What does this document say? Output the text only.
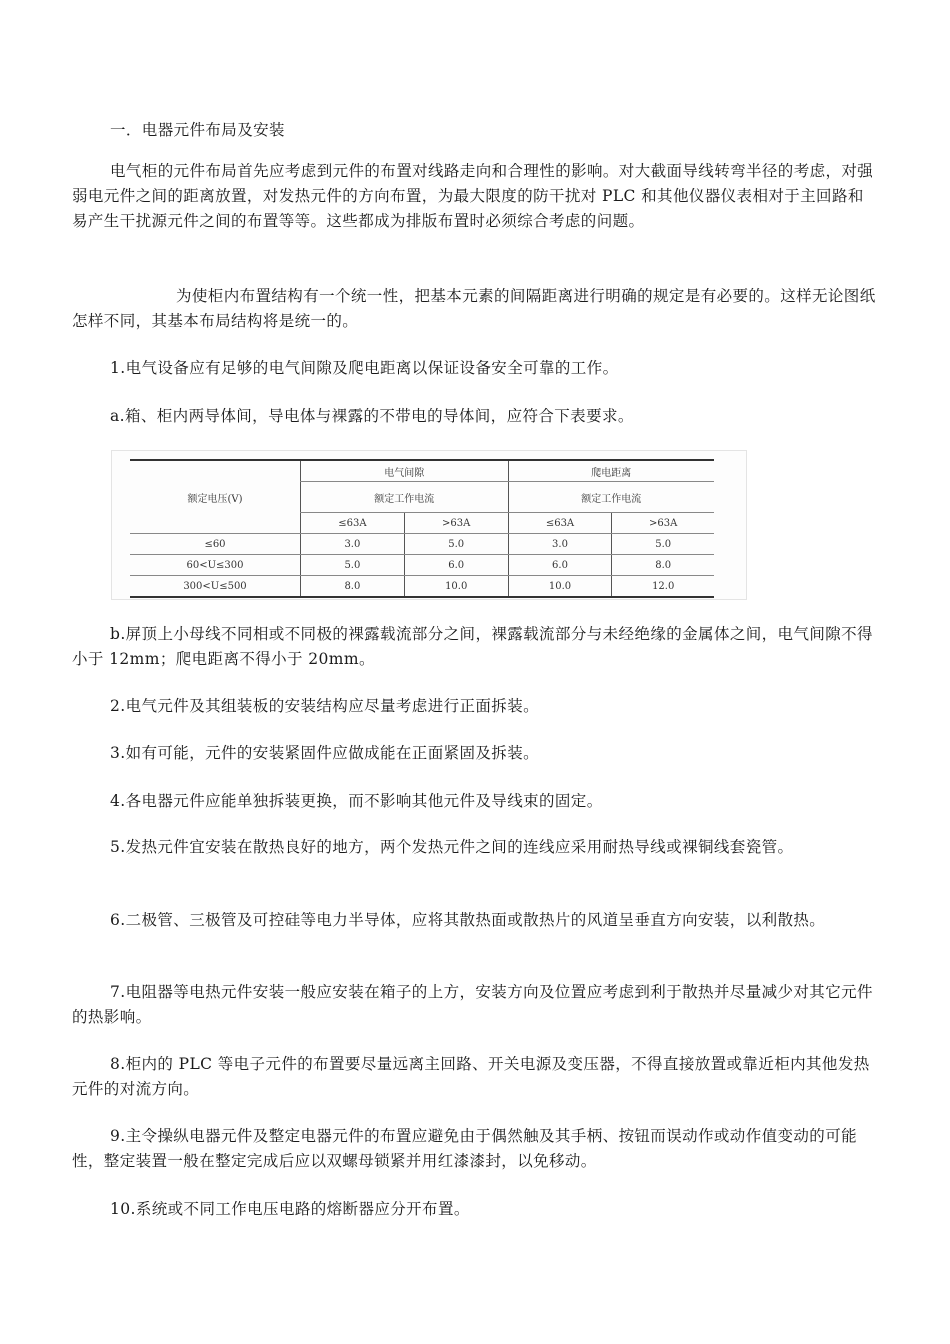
一．电器元件布局及安装

电气柜的元件布局首先应考虑到元件的布置对线路走向和合理性的影响。对大截面导线转弯半径的考虑，对强弱电元件之间的距离放置，对发热元件的方向布置，为最大限度的防干扰对 PLC 和其他仪器仪表相对于主回路和易产生干扰源元件之间的布置等等。这些都成为排版布置时必须综合考虑的问题。

为使柜内布置结构有一个统一性，把基本元素的间隔距离进行明确的规定是有必要的。这样无论图纸怎样不同，其基本布局结构将是统一的。

1.电气设备应有足够的电气间隙及爬电距离以保证设备安全可靠的工作。

a.箱、柜内两导体间，导电体与裸露的不带电的导体间，应符合下表要求。

额定电压(V)	电气间隙		爬电距离	
	额定工作电流		额定工作电流	
	≤63A	>63A	≤63A	>63A
≤60	3.0	5.0	3.0	5.0
60<U≤300	5.0	6.0	6.0	8.0
300<U≤500	8.0	10.0	10.0	12.0

b.屏顶上小母线不同相或不同极的裸露载流部分之间，裸露载流部分与未经绝缘的金属体之间，电气间隙不得小于 12mm；爬电距离不得小于 20mm。

2.电气元件及其组装板的安装结构应尽量考虑进行正面拆装。

3.如有可能，元件的安装紧固件应做成能在正面紧固及拆装。

4.各电器元件应能单独拆装更换，而不影响其他元件及导线束的固定。

5.发热元件宜安装在散热良好的地方，两个发热元件之间的连线应采用耐热导线或裸铜线套瓷管。

6.二极管、三极管及可控硅等电力半导体，应将其散热面或散热片的风道呈垂直方向安装，以利散热。

7.电阻器等电热元件安装一般应安装在箱子的上方，安装方向及位置应考虑到利于散热并尽量减少对其它元件的热影响。

8.柜内的 PLC 等电子元件的布置要尽量远离主回路、开关电源及变压器，不得直接放置或靠近柜内其他发热元件的对流方向。

9.主令操纵电器元件及整定电器元件的布置应避免由于偶然触及其手柄、按钮而误动作或动作值变动的可能性，整定装置一般在整定完成后应以双螺母锁紧并用红漆漆封，以免移动。

10.系统或不同工作电压电路的熔断器应分开布置。
